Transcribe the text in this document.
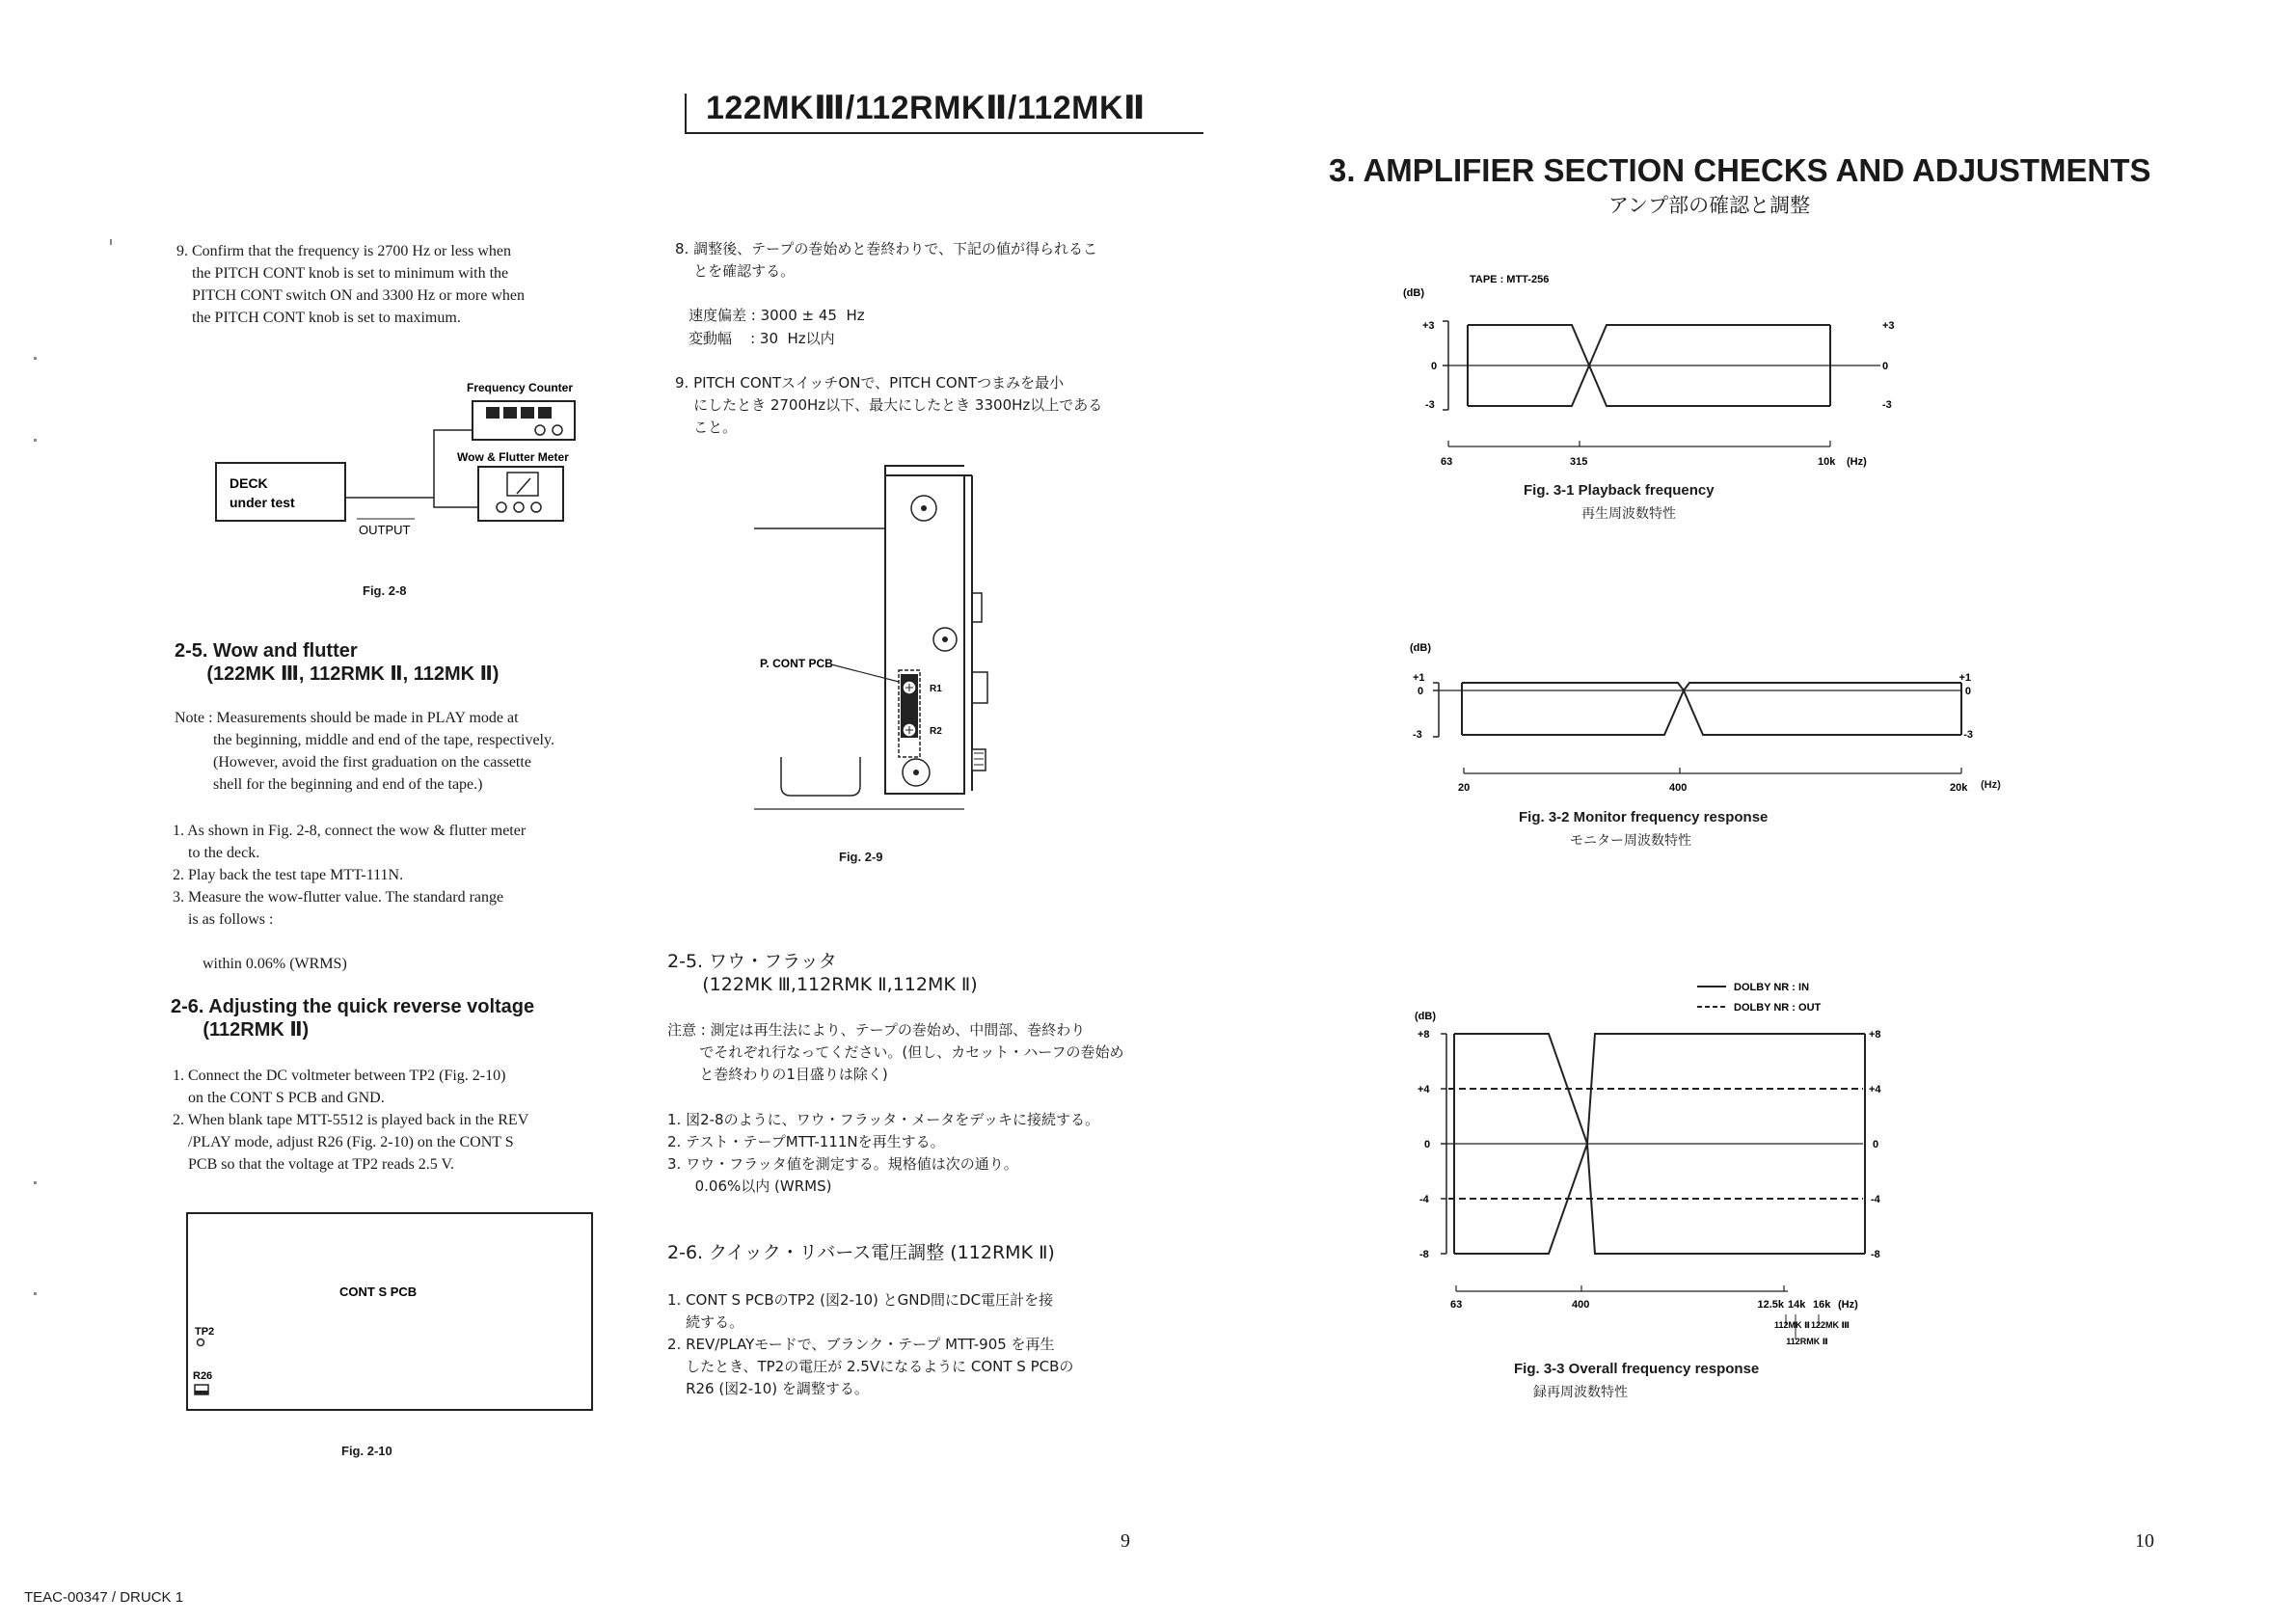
122MKⅢ/112RMKⅡ/112MKⅡ
9. Confirm that the frequency is 2700 Hz or less when
the PITCH CONT knob is set to minimum with the
PITCH CONT switch ON and 3300 Hz or more when
the PITCH CONT knob is set to maximum.
Frequency Counter
Wow & Flutter Meter
DECK
under test
OUTPUT
Fig. 2-8
2-5. Wow and flutter
(122MK Ⅲ, 112RMK Ⅱ, 112MK Ⅱ)
Note : Measurements should be made in PLAY mode at
the beginning, middle and end of the tape, respectively.
(However, avoid the first graduation on the cassette
shell for the beginning and end of the tape.)
1. As shown in Fig. 2-8, connect the wow & flutter meter
to the deck.
2. Play back the test tape MTT-111N.
3. Measure the wow-flutter value. The standard range
is as follows :
within 0.06% (WRMS)
2-6. Adjusting the quick reverse voltage
(112RMK Ⅱ)
1. Connect the DC voltmeter between TP2 (Fig. 2-10)
on the CONT S PCB and GND.
2. When blank tape MTT-5512 is played back in the REV
/PLAY mode, adjust R26 (Fig. 2-10) on the CONT S
PCB so that the voltage at TP2 reads 2.5 V.
CONT S PCB
TP2
R26
Fig. 2-10
8. 調整後、テープの巻始めと巻終わりで、下記の値が得られるこ
とを確認する。
速度偏差 : 3000 ± 45  Hz
変動幅    : 30  Hz以内
9. PITCH CONTスイッチONで、PITCH CONTつまみを最小
にしたとき 2700Hz以下、最大にしたとき 3300Hz以上である
こと。
R1
R2
P. CONT PCB
Fig. 2-9
2-5. ワウ・フラッタ
(122MK Ⅲ,112RMK Ⅱ,112MK Ⅱ)
注意 : 測定は再生法により、テープの巻始め、中間部、巻終わり
でそれぞれ行なってください。(但し、カセット・ハーフの巻始め
と巻終わりの1目盛りは除く)
1. 図2-8のように、ワウ・フラッタ・メータをデッキに接続する。
2. テスト・テープMTT-111Nを再生する。
3. ワウ・フラッタ値を測定する。規格値は次の通り。
0.06%以内 (WRMS)
2-6. クイック・リバース電圧調整 (112RMK Ⅱ)
1. CONT S PCBのTP2 (図2-10) とGND間にDC電圧計を接
続する。
2. REV/PLAYモードで、ブランク・テープ MTT-905 を再生
したとき、TP2の電圧が 2.5Vになるように CONT S PCBの
R26 (図2-10) を調整する。
3. AMPLIFIER SECTION CHECKS AND ADJUSTMENTS
アンプ部の確認と調整
TAPE : MTT-256
(dB)
+3
0
-3
+3
0
-3
63	315	10k (Hz)
Fig. 3-1 Playback frequency
再生周波数特性
(dB)
+1
0
-3
+1
0
-3
20	400	20k (Hz)
Fig. 3-2 Monitor frequency response
モニター周波数特性
DOLBY NR : IN
DOLBY NR : OUT
(dB)
+8
+4
0
-4
-8
+8
+4
0
-4
-8
63	400	12.5k 14k 16k (Hz)
112MK Ⅱ 122MK Ⅲ
112RMK Ⅱ
Fig. 3-3 Overall frequency response
録再周波数特性
9	10
TEAC-00347 / DRUCK 1
